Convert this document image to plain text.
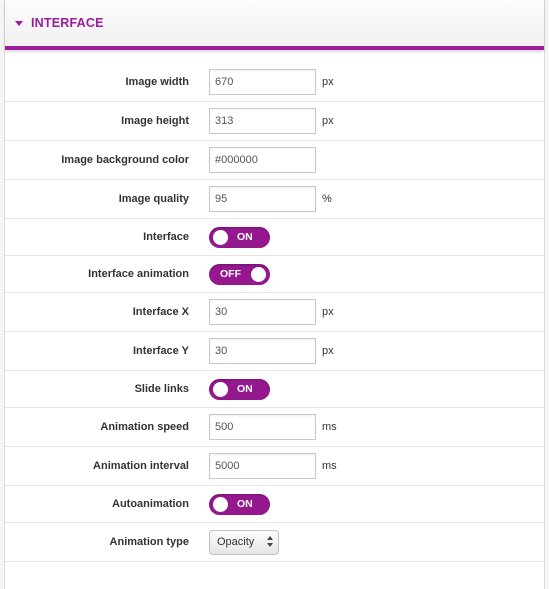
INTERFACE
Image width	670	px
Image height	313	px
Image background color	#000000
Image quality	95	%
Interface	ON
Interface animation	OFF
Interface X	30	px
Interface Y	30	px
Slide links	ON
Animation speed	500	ms
Animation interval	5000	ms
Autoanimation	ON
Animation type	Opacity
